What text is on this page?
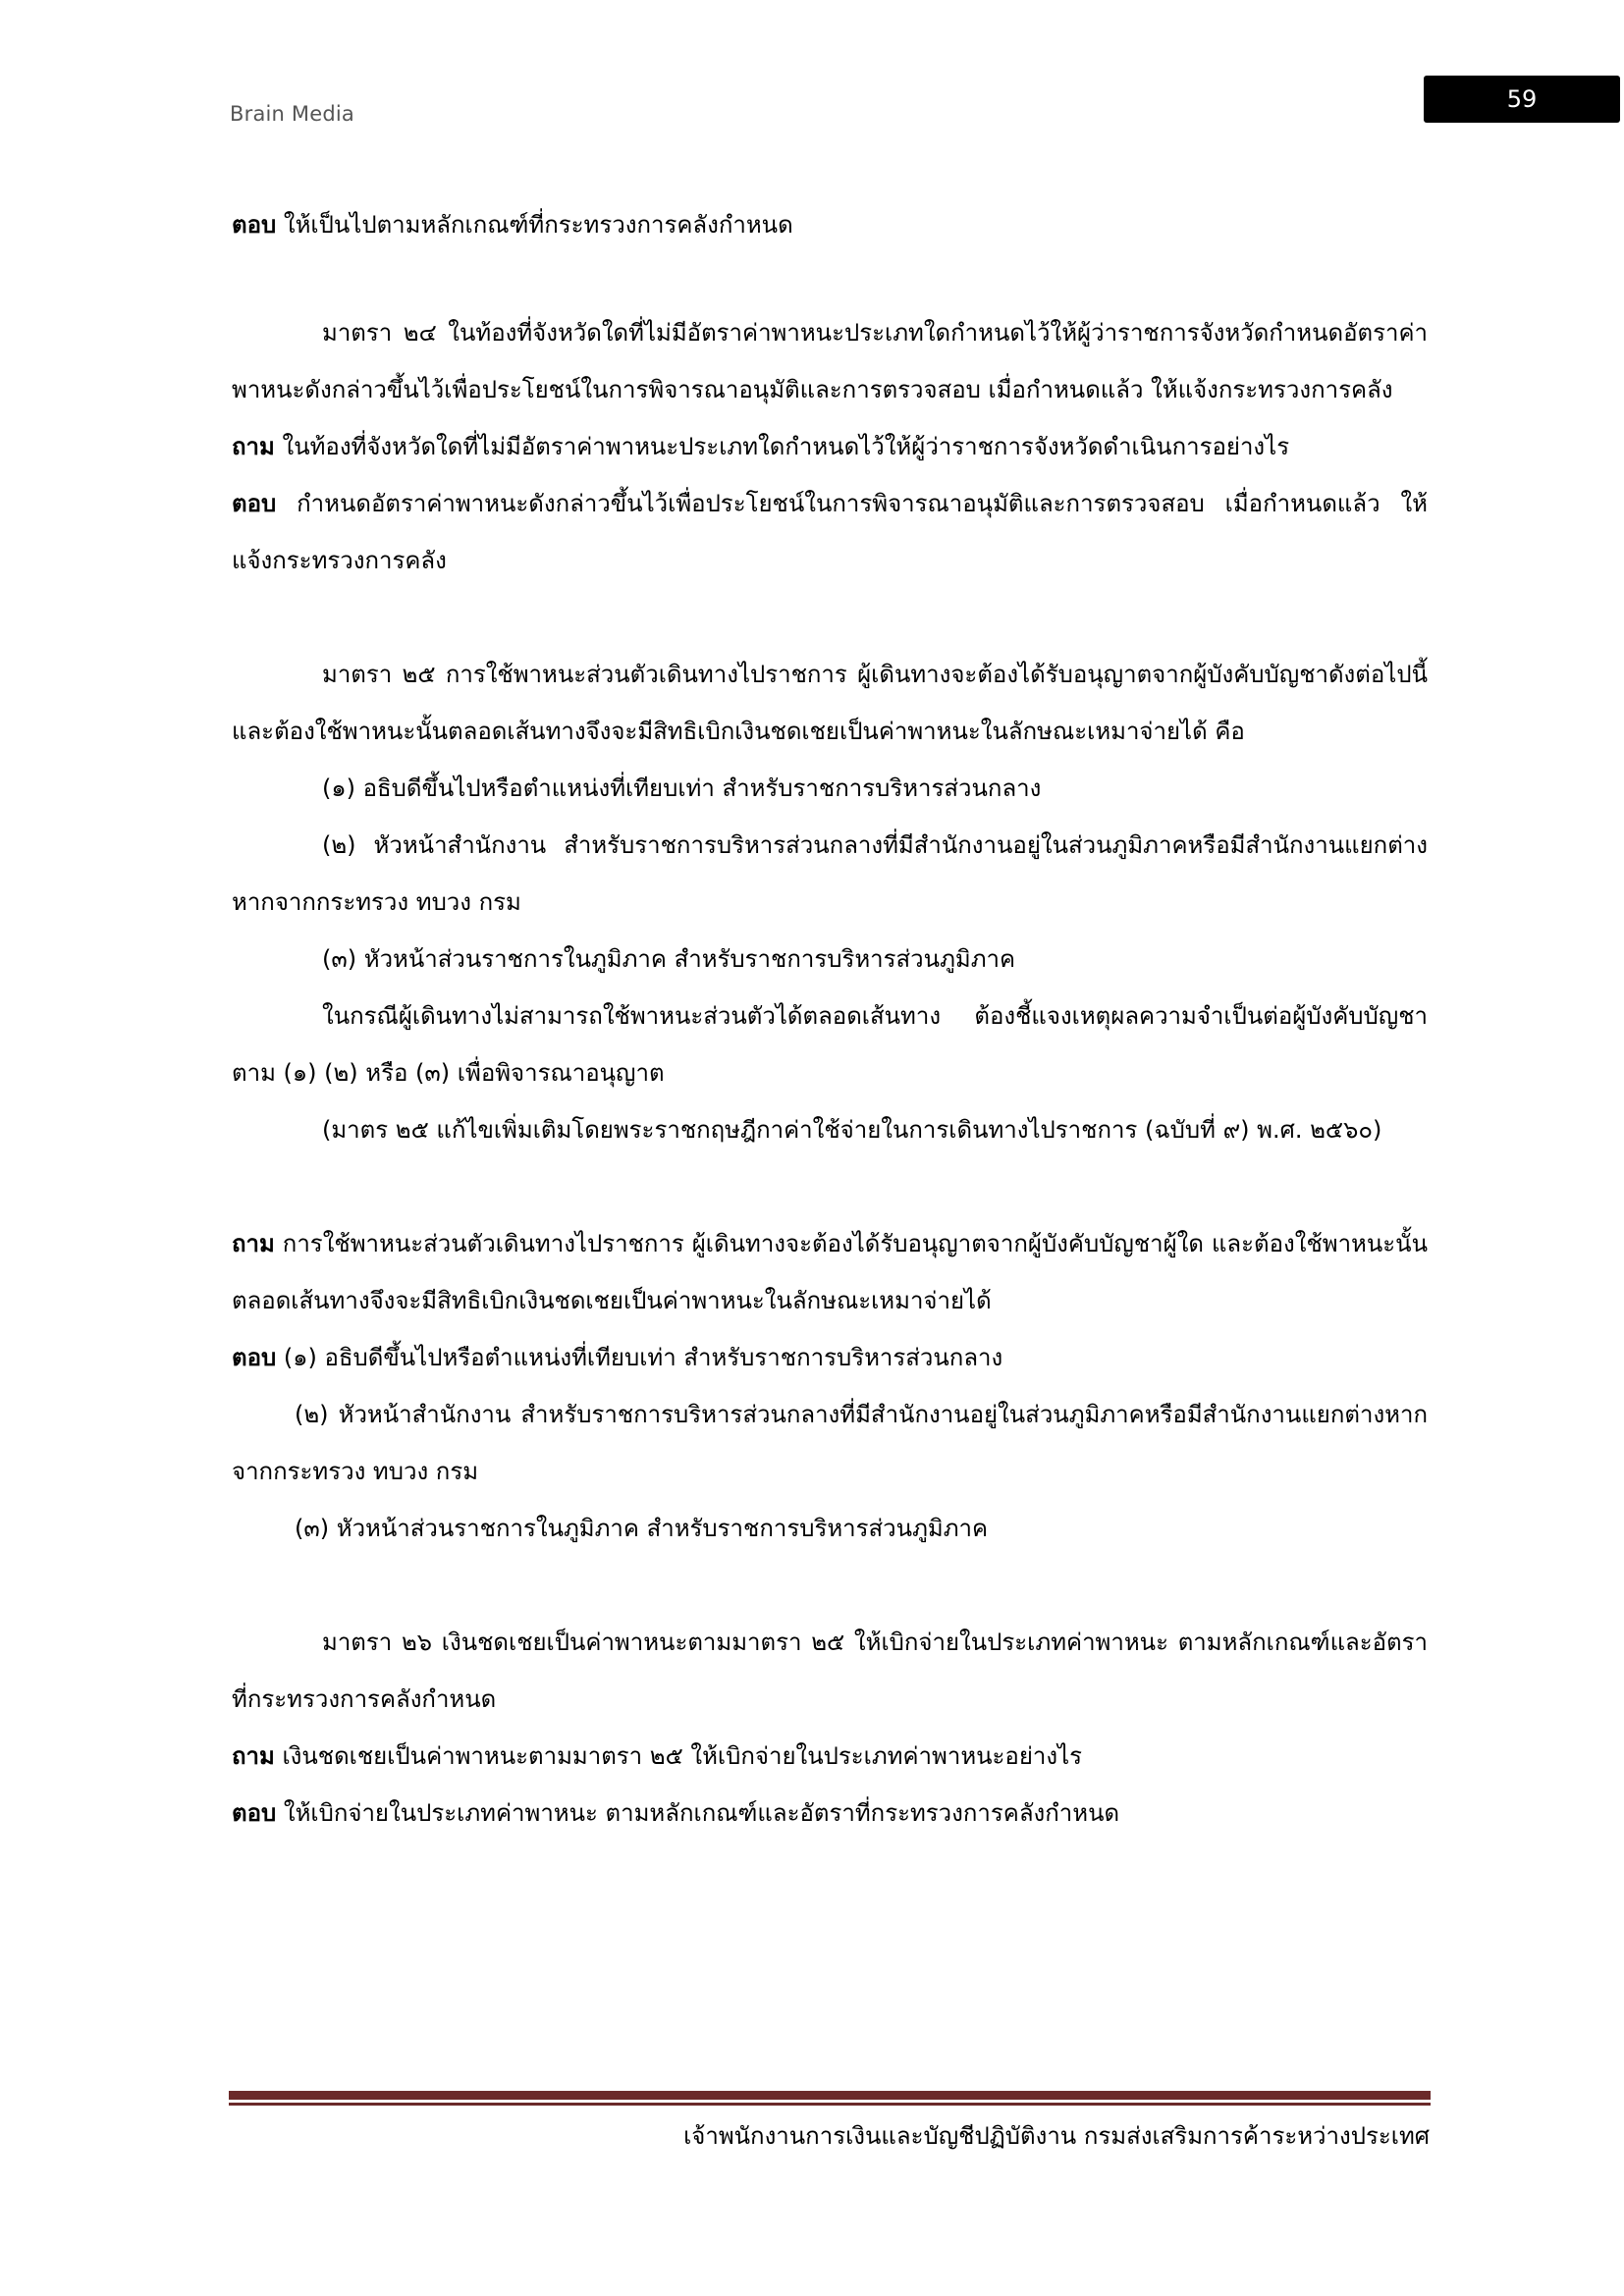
Brain Media
59

ตอบ ให้เป็นไปตามหลักเกณฑ์ที่กระทรวงการคลังกำหนด

มาตรา ๒๔ ในท้องที่จังหวัดใดที่ไม่มีอัตราค่าพาหนะประเภทใดกำหนดไว้ให้ผู้ว่าราชการจังหวัดกำหนดอัตราค่าพาหนะดังกล่าวขึ้นไว้เพื่อประโยชน์ในการพิจารณาอนุมัติและการตรวจสอบ เมื่อกำหนดแล้ว ให้แจ้งกระทรวงการคลัง

ถาม ในท้องที่จังหวัดใดที่ไม่มีอัตราค่าพาหนะประเภทใดกำหนดไว้ให้ผู้ว่าราชการจังหวัดดำเนินการอย่างไร

ตอบ กำหนดอัตราค่าพาหนะดังกล่าวขึ้นไว้เพื่อประโยชน์ในการพิจารณาอนุมัติและการตรวจสอบ เมื่อกำหนดแล้ว ให้แจ้งกระทรวงการคลัง

มาตรา ๒๕ การใช้พาหนะส่วนตัวเดินทางไปราชการ ผู้เดินทางจะต้องได้รับอนุญาตจากผู้บังคับบัญชาดังต่อไปนี้ และต้องใช้พาหนะนั้นตลอดเส้นทางจึงจะมีสิทธิเบิกเงินชดเชยเป็นค่าพาหนะในลักษณะเหมาจ่ายได้ คือ

(๑) อธิบดีขึ้นไปหรือตำแหน่งที่เทียบเท่า สำหรับราชการบริหารส่วนกลาง

(๒) หัวหน้าสำนักงาน สำหรับราชการบริหารส่วนกลางที่มีสำนักงานอยู่ในส่วนภูมิภาคหรือมีสำนักงานแยกต่างหากจากกระทรวง ทบวง กรม

(๓) หัวหน้าส่วนราชการในภูมิภาค สำหรับราชการบริหารส่วนภูมิภาค

ในกรณีผู้เดินทางไม่สามารถใช้พาหนะส่วนตัวได้ตลอดเส้นทาง ต้องชี้แจงเหตุผลความจำเป็นต่อผู้บังคับบัญชาตาม (๑) (๒) หรือ (๓) เพื่อพิจารณาอนุญาต

(มาตร ๒๕ แก้ไขเพิ่มเติมโดยพระราชกฤษฎีกาค่าใช้จ่ายในการเดินทางไปราชการ (ฉบับที่ ๙) พ.ศ. ๒๕๖๐)

ถาม การใช้พาหนะส่วนตัวเดินทางไปราชการ ผู้เดินทางจะต้องได้รับอนุญาตจากผู้บังคับบัญชาผู้ใด และต้องใช้พาหนะนั้นตลอดเส้นทางจึงจะมีสิทธิเบิกเงินชดเชยเป็นค่าพาหนะในลักษณะเหมาจ่ายได้

ตอบ (๑) อธิบดีขึ้นไปหรือตำแหน่งที่เทียบเท่า สำหรับราชการบริหารส่วนกลาง

(๒) หัวหน้าสำนักงาน สำหรับราชการบริหารส่วนกลางที่มีสำนักงานอยู่ในส่วนภูมิภาคหรือมีสำนักงานแยกต่างหากจากกระทรวง ทบวง กรม

(๓) หัวหน้าส่วนราชการในภูมิภาค สำหรับราชการบริหารส่วนภูมิภาค

มาตรา ๒๖ เงินชดเชยเป็นค่าพาหนะตามมาตรา ๒๕ ให้เบิกจ่ายในประเภทค่าพาหนะ ตามหลักเกณฑ์และอัตราที่กระทรวงการคลังกำหนด

ถาม เงินชดเชยเป็นค่าพาหนะตามมาตรา ๒๕ ให้เบิกจ่ายในประเภทค่าพาหนะอย่างไร

ตอบ ให้เบิกจ่ายในประเภทค่าพาหนะ ตามหลักเกณฑ์และอัตราที่กระทรวงการคลังกำหนด

เจ้าพนักงานการเงินและบัญชีปฏิบัติงาน กรมส่งเสริมการค้าระหว่างประเทศ
